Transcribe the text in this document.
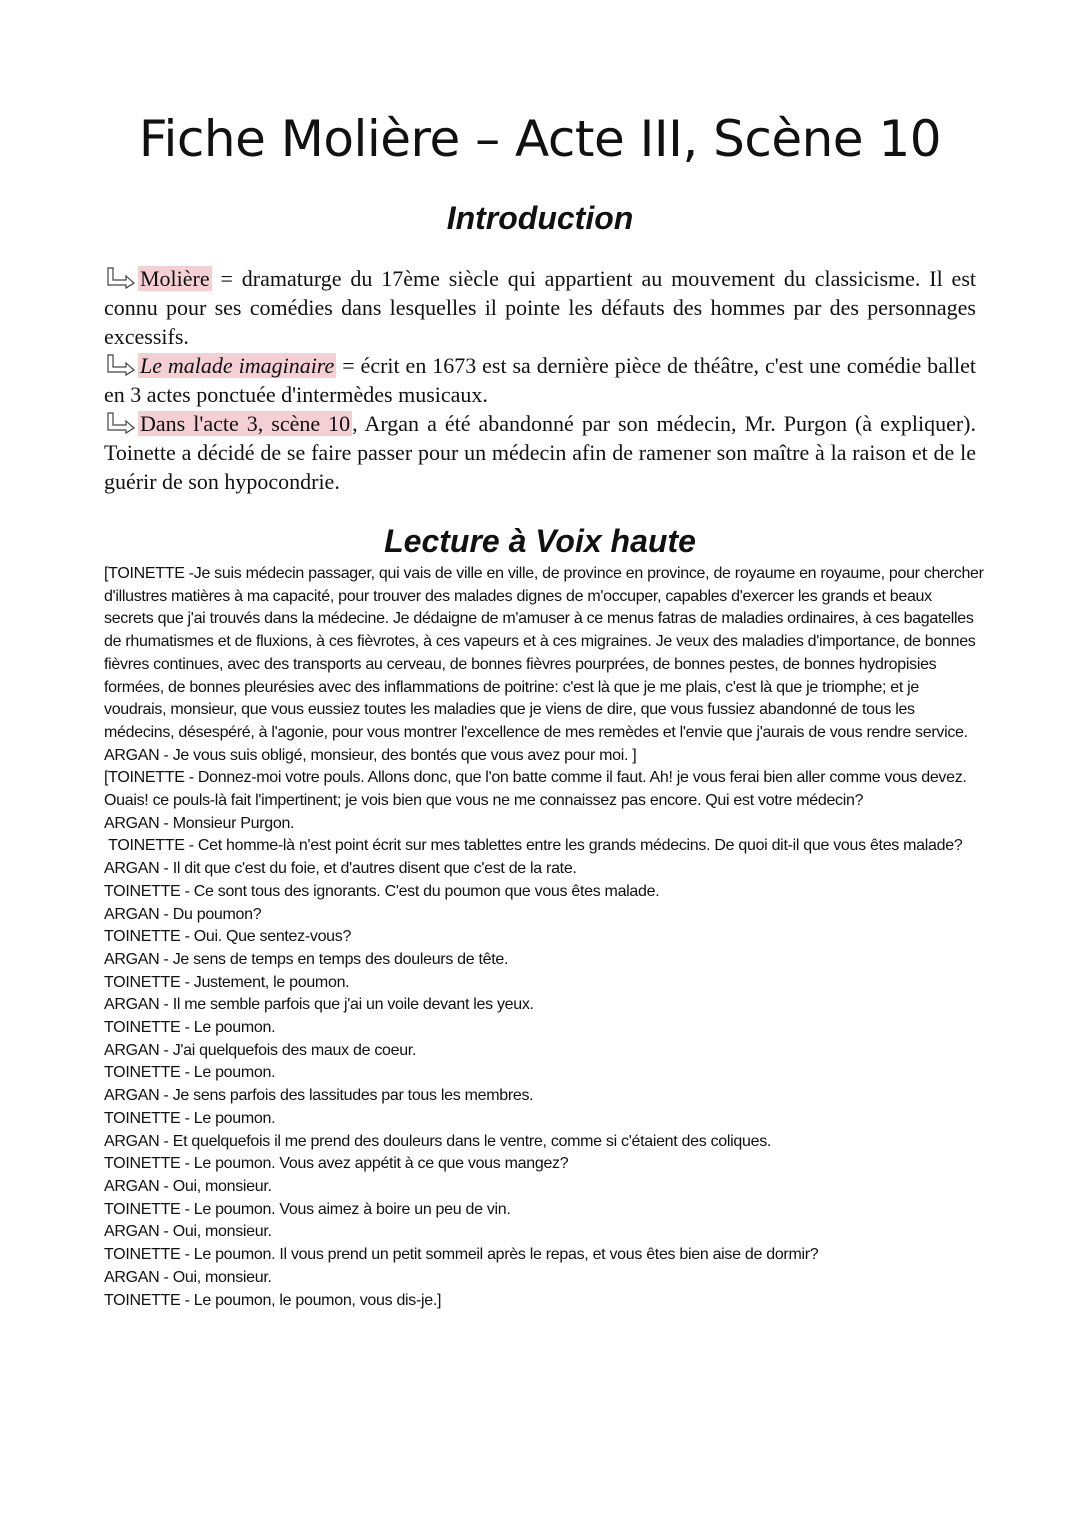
Fiche Molière – Acte III, Scène 10
Introduction

Molière = dramaturge du 17ème siècle qui appartient au mouvement du classicisme. Il est connu pour ses comédies dans lesquelles il pointe les défauts des hommes par des personnages excessifs.

Le malade imaginaire = écrit en 1673 est sa dernière pièce de théâtre, c'est une comédie ballet en 3 actes ponctuée d'intermèdes musicaux.

Dans l'acte 3, scène 10, Argan a été abandonné par son médecin, Mr. Purgon (à expliquer). Toinette a décidé de se faire passer pour un médecin afin de ramener son maître à la raison et de le guérir de son hypocondrie.

Lecture à Voix haute

[TOINETTE -Je suis médecin passager, qui vais de ville en ville, de province en province, de royaume en royaume, pour chercher d'illustres matières à ma capacité, pour trouver des malades dignes de m'occuper, capables d'exercer les grands et beaux secrets que j'ai trouvés dans la médecine. Je dédaigne de m'amuser à ce menus fatras de maladies ordinaires, à ces bagatelles de rhumatismes et de fluxions, à ces fièvrotes, à ces vapeurs et à ces migraines. Je veux des maladies d'importance, de bonnes fièvres continues, avec des transports au cerveau, de bonnes fièvres pourprées, de bonnes pestes, de bonnes hydropisies formées, de bonnes pleurésies avec des inflammations de poitrine: c'est là que je me plais, c'est là que je triomphe; et je voudrais, monsieur, que vous eussiez toutes les maladies que je viens de dire, que vous fussiez abandonné de tous les médecins, désespéré, à l'agonie, pour vous montrer l'excellence de mes remèdes et l'envie que j'aurais de vous rendre service.

ARGAN - Je vous suis obligé, monsieur, des bontés que vous avez pour moi. ]

[TOINETTE - Donnez-moi votre pouls. Allons donc, que l'on batte comme il faut. Ah! je vous ferai bien aller comme vous devez. Ouais! ce pouls-là fait l'impertinent; je vois bien que vous ne me connaissez pas encore. Qui est votre médecin?

ARGAN - Monsieur Purgon.

TOINETTE - Cet homme-là n'est point écrit sur mes tablettes entre les grands médecins. De quoi dit-il que vous êtes malade?

ARGAN - Il dit que c'est du foie, et d'autres disent que c'est de la rate.

TOINETTE - Ce sont tous des ignorants. C'est du poumon que vous êtes malade.

ARGAN - Du poumon?

TOINETTE - Oui. Que sentez-vous?

ARGAN - Je sens de temps en temps des douleurs de tête.

TOINETTE - Justement, le poumon.

ARGAN - Il me semble parfois que j'ai un voile devant les yeux.

TOINETTE - Le poumon.

ARGAN - J'ai quelquefois des maux de coeur.

TOINETTE - Le poumon.

ARGAN - Je sens parfois des lassitudes par tous les membres.

TOINETTE - Le poumon.

ARGAN - Et quelquefois il me prend des douleurs dans le ventre, comme si c'étaient des coliques.

TOINETTE - Le poumon. Vous avez appétit à ce que vous mangez?

ARGAN - Oui, monsieur.

TOINETTE - Le poumon. Vous aimez à boire un peu de vin.

ARGAN - Oui, monsieur.

TOINETTE - Le poumon. Il vous prend un petit sommeil après le repas, et vous êtes bien aise de dormir?

ARGAN - Oui, monsieur.

TOINETTE - Le poumon, le poumon, vous dis-je.]
